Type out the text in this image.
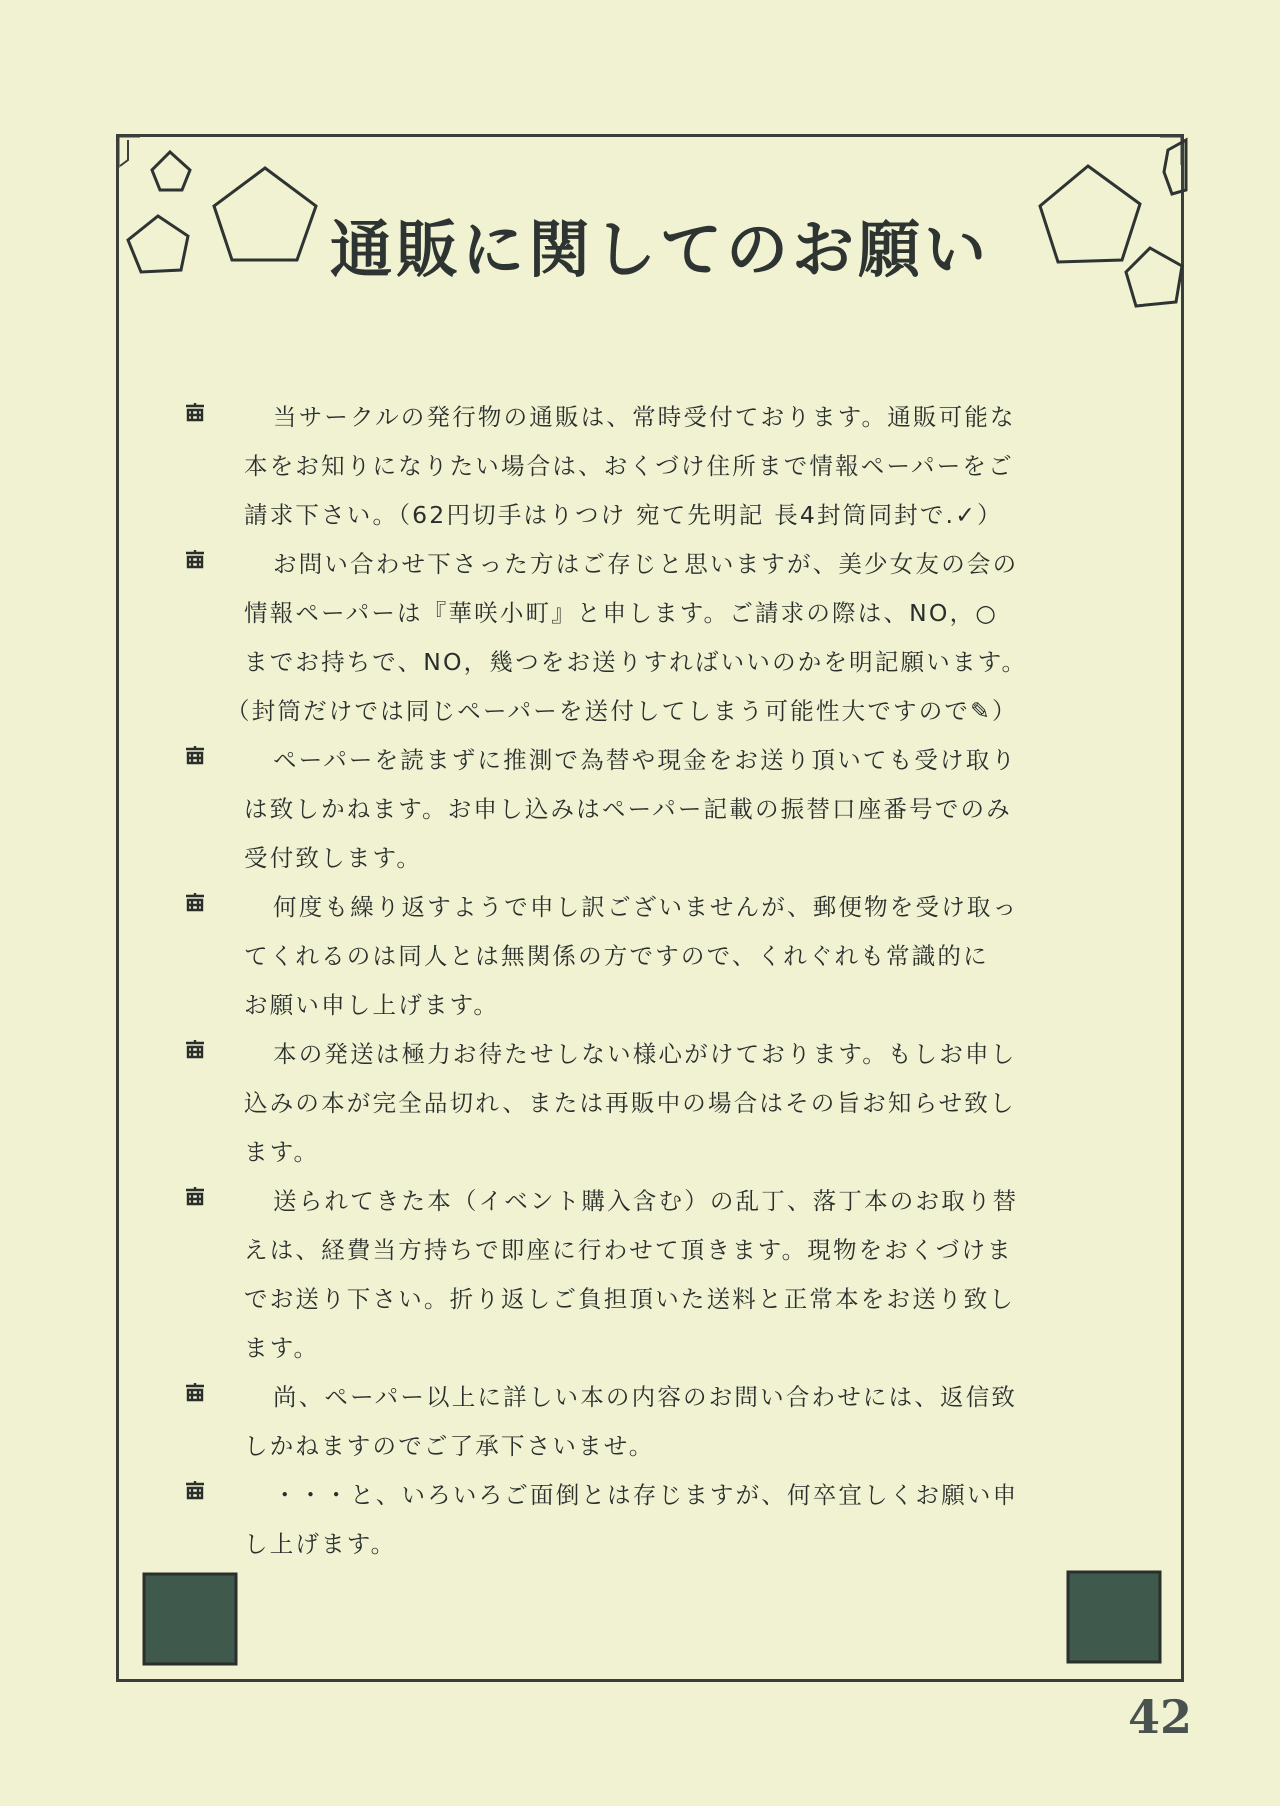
通販に関してのお願い
当サークルの発行物の通販は、常時受付ております。通販可能な
本をお知りになりたい場合は、おくづけ住所まで情報ペーパーをご
請求下さい。（62円切手はりつけ 宛て先明記 長4封筒同封で.✓）
お問い合わせ下さった方はご存じと思いますが、美少女友の会の
情報ペーパーは『華咲小町』と申します。ご請求の際は、NO，○
までお持ちで、NO，幾つをお送りすればいいのかを明記願います。
（封筒だけでは同じペーパーを送付してしまう可能性大ですので✎）
ペーパーを読まずに推測で為替や現金をお送り頂いても受け取り
は致しかねます。お申し込みはペーパー記載の振替口座番号でのみ
受付致します。
何度も繰り返すようで申し訳ございませんが、郵便物を受け取っ
てくれるのは同人とは無関係の方ですので、くれぐれも常識的に
お願い申し上げます。
本の発送は極力お待たせしない様心がけております。もしお申し
込みの本が完全品切れ、または再販中の場合はその旨お知らせ致し
ます。
送られてきた本（イベント購入含む）の乱丁、落丁本のお取り替
えは、経費当方持ちで即座に行わせて頂きます。現物をおくづけま
でお送り下さい。折り返しご負担頂いた送料と正常本をお送り致し
ます。
尚、ペーパー以上に詳しい本の内容のお問い合わせには、返信致
しかねますのでご了承下さいませ。
・・・と、いろいろご面倒とは存じますが、何卒宜しくお願い申
し上げます。
42
